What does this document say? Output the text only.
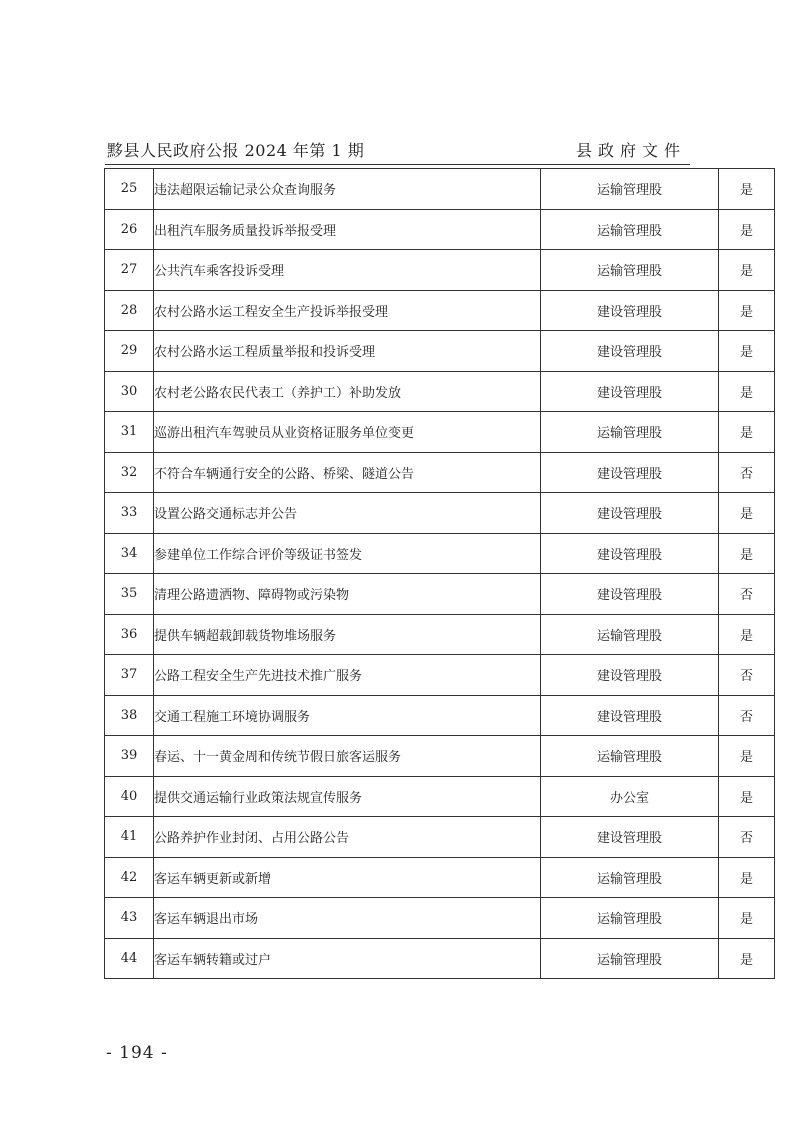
黟县人民政府公报 2024 年第 1 期	县政府文件
25	违法超限运输记录公众查询服务	运输管理股	是
26	出租汽车服务质量投诉举报受理	运输管理股	是
27	公共汽车乘客投诉受理	运输管理股	是
28	农村公路水运工程安全生产投诉举报受理	建设管理股	是
29	农村公路水运工程质量举报和投诉受理	建设管理股	是
30	农村老公路农民代表工（养护工）补助发放	建设管理股	是
31	巡游出租汽车驾驶员从业资格证服务单位变更	运输管理股	是
32	不符合车辆通行安全的公路、桥梁、隧道公告	建设管理股	否
33	设置公路交通标志并公告	建设管理股	是
34	参建单位工作综合评价等级证书签发	建设管理股	是
35	清理公路遗洒物、障碍物或污染物	建设管理股	否
36	提供车辆超载卸载货物堆场服务	运输管理股	是
37	公路工程安全生产先进技术推广服务	建设管理股	否
38	交通工程施工环境协调服务	建设管理股	否
39	春运、十一黄金周和传统节假日旅客运服务	运输管理股	是
40	提供交通运输行业政策法规宣传服务	办公室	是
41	公路养护作业封闭、占用公路公告	建设管理股	否
42	客运车辆更新或新增	运输管理股	是
43	客运车辆退出市场	运输管理股	是
44	客运车辆转籍或过户	运输管理股	是
- 194 -
